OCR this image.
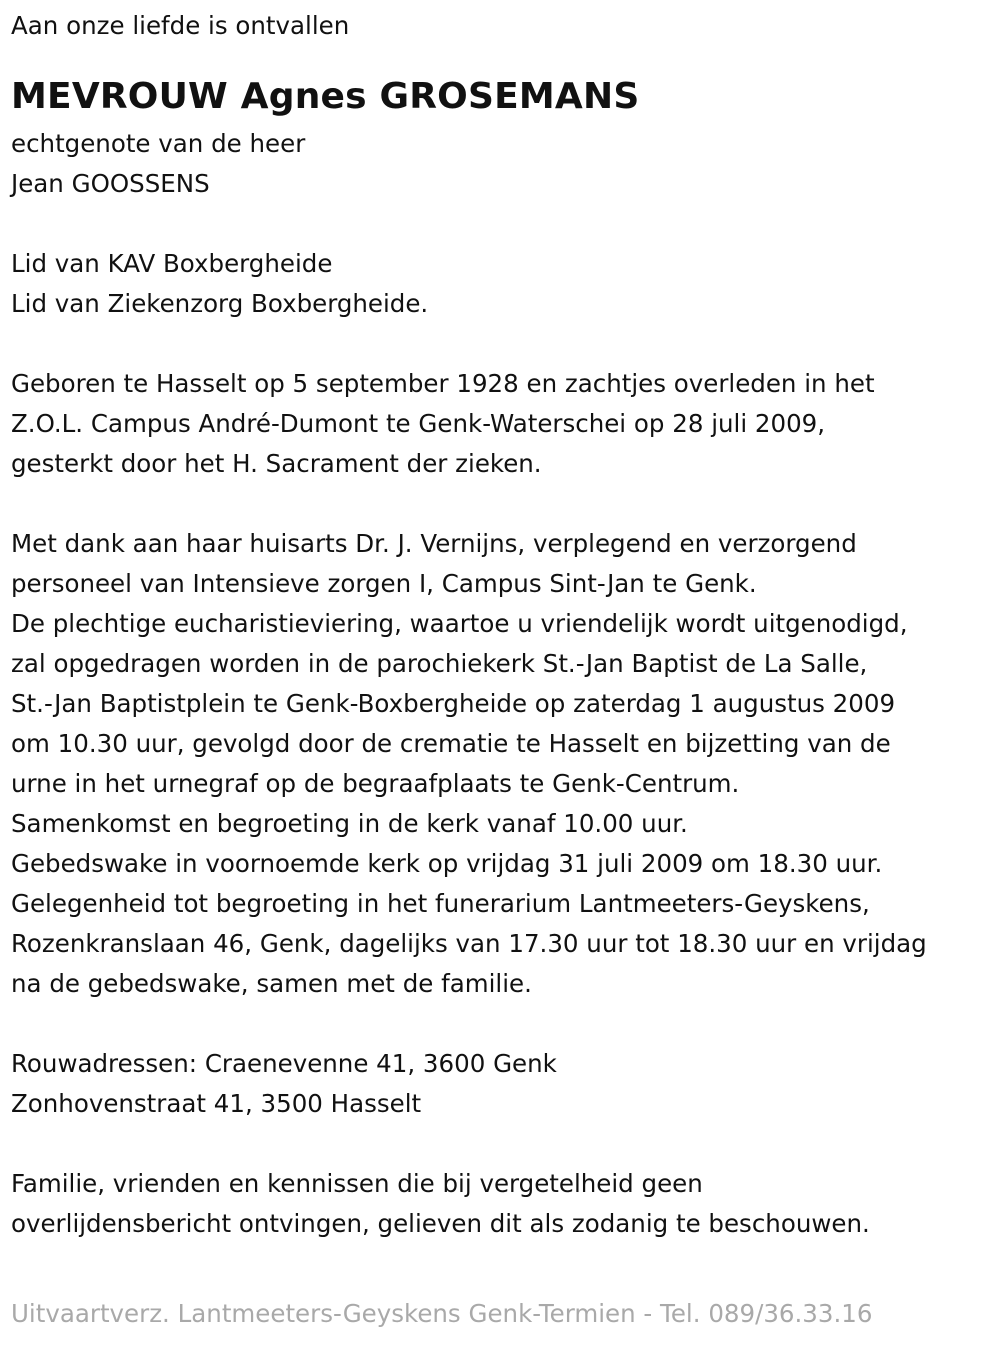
Aan onze liefde is ontvallen
MEVROUW Agnes GROSEMANS
echtgenote van de heer
Jean GOOSSENS
Lid van KAV Boxbergheide
Lid van Ziekenzorg Boxbergheide.
Geboren te Hasselt op 5 september 1928 en zachtjes overleden in het
Z.O.L. Campus André-Dumont te Genk-Waterschei op 28 juli 2009,
gesterkt door het H. Sacrament der zieken.
Met dank aan haar huisarts Dr. J. Vernijns, verplegend en verzorgend
personeel van Intensieve zorgen I, Campus Sint-Jan te Genk.
De plechtige eucharistieviering, waartoe u vriendelijk wordt uitgenodigd,
zal opgedragen worden in de parochiekerk St.-Jan Baptist de La Salle,
St.-Jan Baptistplein te Genk-Boxbergheide op zaterdag 1 augustus 2009
om 10.30 uur, gevolgd door de crematie te Hasselt en bijzetting van de
urne in het urnegraf op de begraafplaats te Genk-Centrum.
Samenkomst en begroeting in de kerk vanaf 10.00 uur.
Gebedswake in voornoemde kerk op vrijdag 31 juli 2009 om 18.30 uur.
Gelegenheid tot begroeting in het funerarium Lantmeeters-Geyskens,
Rozenkranslaan 46, Genk, dagelijks van 17.30 uur tot 18.30 uur en vrijdag
na de gebedswake, samen met de familie.
Rouwadressen: Craenevenne 41, 3600 Genk
Zonhovenstraat 41, 3500 Hasselt
Familie, vrienden en kennissen die bij vergetelheid geen
overlijdensbericht ontvingen, gelieven dit als zodanig te beschouwen.
Uitvaartverz. Lantmeeters-Geyskens Genk-Termien - Tel. 089/36.33.16
